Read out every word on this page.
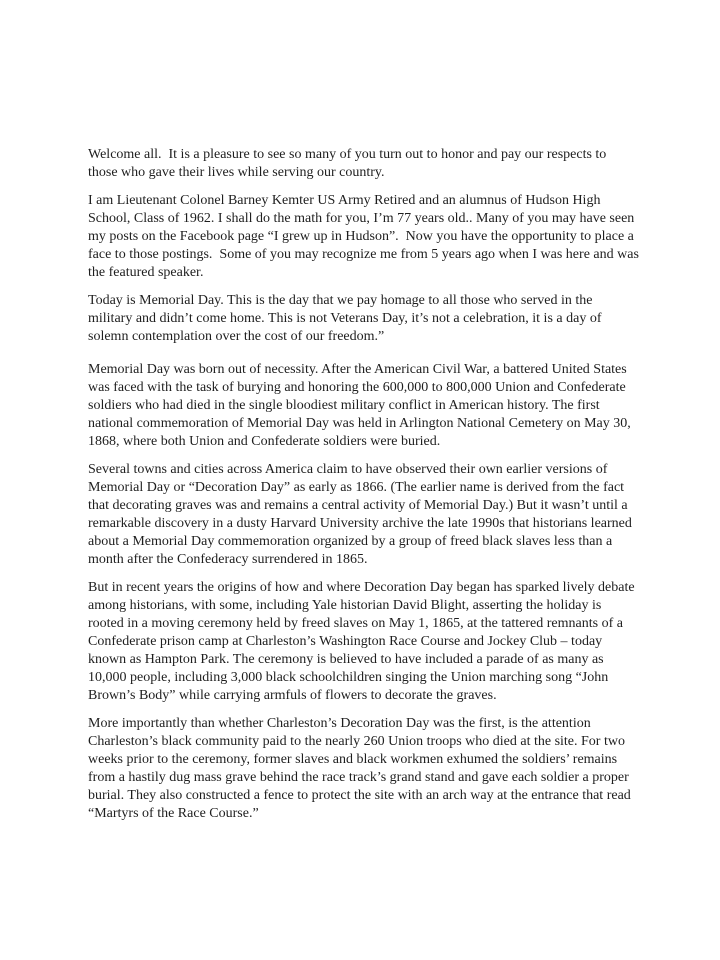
Welcome all.  It is a pleasure to see so many of you turn out to honor and pay our respects to those who gave their lives while serving our country.

I am Lieutenant Colonel Barney Kemter US Army Retired and an alumnus of Hudson High School, Class of 1962. I shall do the math for you, I’m 77 years old.. Many of you may have seen my posts on the Facebook page “I grew up in Hudson”.  Now you have the opportunity to place a face to those postings.  Some of you may recognize me from 5 years ago when I was here and was the featured speaker.

Today is Memorial Day. This is the day that we pay homage to all those who served in the military and didn’t come home. This is not Veterans Day, it’s not a celebration, it is a day of solemn contemplation over the cost of our freedom.”

Memorial Day was born out of necessity. After the American Civil War, a battered United States was faced with the task of burying and honoring the 600,000 to 800,000 Union and Confederate soldiers who had died in the single bloodiest military conflict in American history. The first national commemoration of Memorial Day was held in Arlington National Cemetery on May 30, 1868, where both Union and Confederate soldiers were buried.

Several towns and cities across America claim to have observed their own earlier versions of Memorial Day or “Decoration Day” as early as 1866. (The earlier name is derived from the fact that decorating graves was and remains a central activity of Memorial Day.) But it wasn’t until a remarkable discovery in a dusty Harvard University archive the late 1990s that historians learned about a Memorial Day commemoration organized by a group of freed black slaves less than a month after the Confederacy surrendered in 1865.

But in recent years the origins of how and where Decoration Day began has sparked lively debate among historians, with some, including Yale historian David Blight, asserting the holiday is rooted in a moving ceremony held by freed slaves on May 1, 1865, at the tattered remnants of a Confederate prison camp at Charleston’s Washington Race Course and Jockey Club – today known as Hampton Park. The ceremony is believed to have included a parade of as many as 10,000 people, including 3,000 black schoolchildren singing the Union marching song “John Brown’s Body” while carrying armfuls of flowers to decorate the graves.

More importantly than whether Charleston’s Decoration Day was the first, is the attention Charleston’s black community paid to the nearly 260 Union troops who died at the site. For two weeks prior to the ceremony, former slaves and black workmen exhumed the soldiers’ remains from a hastily dug mass grave behind the race track’s grand stand and gave each soldier a proper burial. They also constructed a fence to protect the site with an arch way at the entrance that read “Martyrs of the Race Course.”
